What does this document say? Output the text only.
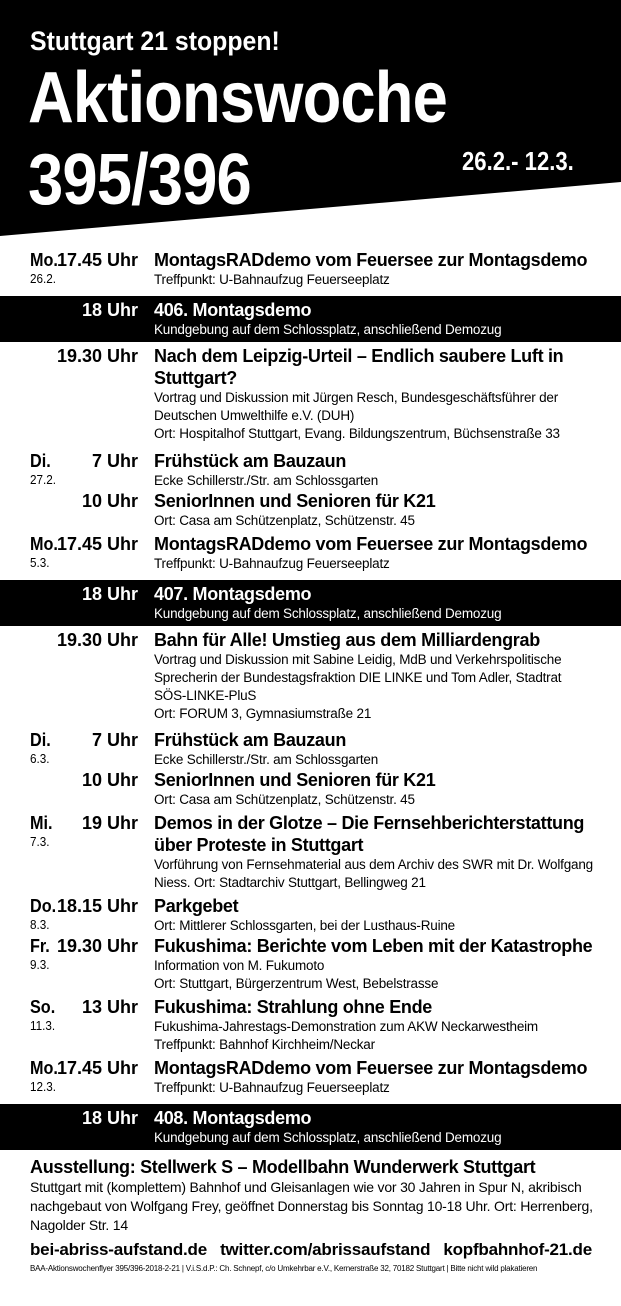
Stuttgart 21 stoppen!
Aktionswoche
395/396	26.2.- 12.3.
Mo.
26.2.
17.45 Uhr MontagsRADdemo vom Feuersee zur Montagsdemo
Treffpunkt: U-Bahnaufzug Feuerseeplatz
18 Uhr 406. Montagsdemo
Kundgebung auf dem Schlossplatz, anschließend Demozug
19.30 Uhr Nach dem Leipzig-Urteil – Endlich saubere Luft in Stuttgart?
Vortrag und Diskussion mit Jürgen Resch, Bundesgeschäftsführer der Deutschen Umwelthilfe e.V. (DUH)
Ort: Hospitalhof Stuttgart, Evang. Bildungszentrum, Büchsenstraße 33
Di.
27.2.
7 Uhr Frühstück am Bauzaun
Ecke Schillerstr./Str. am Schlossgarten
10 Uhr SeniorInnen und Senioren für K21
Ort: Casa am Schützenplatz, Schützenstr. 45
Mo.
5.3.
17.45 Uhr MontagsRADdemo vom Feuersee zur Montagsdemo
Treffpunkt: U-Bahnaufzug Feuerseeplatz
18 Uhr 407. Montagsdemo
Kundgebung auf dem Schlossplatz, anschließend Demozug
19.30 Uhr Bahn für Alle! Umstieg aus dem Milliardengrab
Vortrag und Diskussion mit Sabine Leidig, MdB und Verkehrspolitische Sprecherin der Bundestagsfraktion DIE LINKE und Tom Adler, Stadtrat SÖS-LINKE-PluS
Ort: FORUM 3, Gymnasiumstraße 21
Di.
6.3.
7 Uhr Frühstück am Bauzaun
Ecke Schillerstr./Str. am Schlossgarten
10 Uhr SeniorInnen und Senioren für K21
Ort: Casa am Schützenplatz, Schützenstr. 45
Mi.
7.3.
19 Uhr Demos in der Glotze – Die Fernsehberichterstattung über Proteste in Stuttgart
Vorführung von Fernsehmaterial aus dem Archiv des SWR mit Dr. Wolfgang Niess. Ort: Stadtarchiv Stuttgart, Bellingweg 21
Do.
8.3.
18.15 Uhr Parkgebet
Ort: Mittlerer Schlossgarten, bei der Lusthaus-Ruine
Fr.
9.3.
19.30 Uhr Fukushima: Berichte vom Leben mit der Katastrophe
Information von M. Fukumoto
Ort: Stuttgart, Bürgerzentrum West, Bebelstrasse
So.
11.3.
13 Uhr Fukushima: Strahlung ohne Ende
Fukushima-Jahrestags-Demonstration zum AKW Neckarwestheim
Treffpunkt: Bahnhof Kirchheim/Neckar
Mo.
12.3.
17.45 Uhr MontagsRADdemo vom Feuersee zur Montagsdemo
Treffpunkt: U-Bahnaufzug Feuerseeplatz
18 Uhr 408. Montagsdemo
Kundgebung auf dem Schlossplatz, anschließend Demozug
Ausstellung: Stellwerk S – Modellbahn Wunderwerk Stuttgart
Stuttgart mit (komplettem) Bahnhof und Gleisanlagen wie vor 30 Jahren in Spur N, akribisch nachgebaut von Wolfgang Frey, geöffnet Donnerstag bis Sonntag 10-18 Uhr. Ort: Herrenberg, Nagolder Str. 14
bei-abriss-aufstand.de twitter.com/abrissaufstand kopfbahnhof-21.de
BAA-Aktionswochenflyer 395/396-2018-2-21 | V.i.S.d.P.: Ch. Schnepf, c/o Umkehrbar e.V., Kernerstraße 32, 70182 Stuttgart | Bitte nicht wild plakatieren
